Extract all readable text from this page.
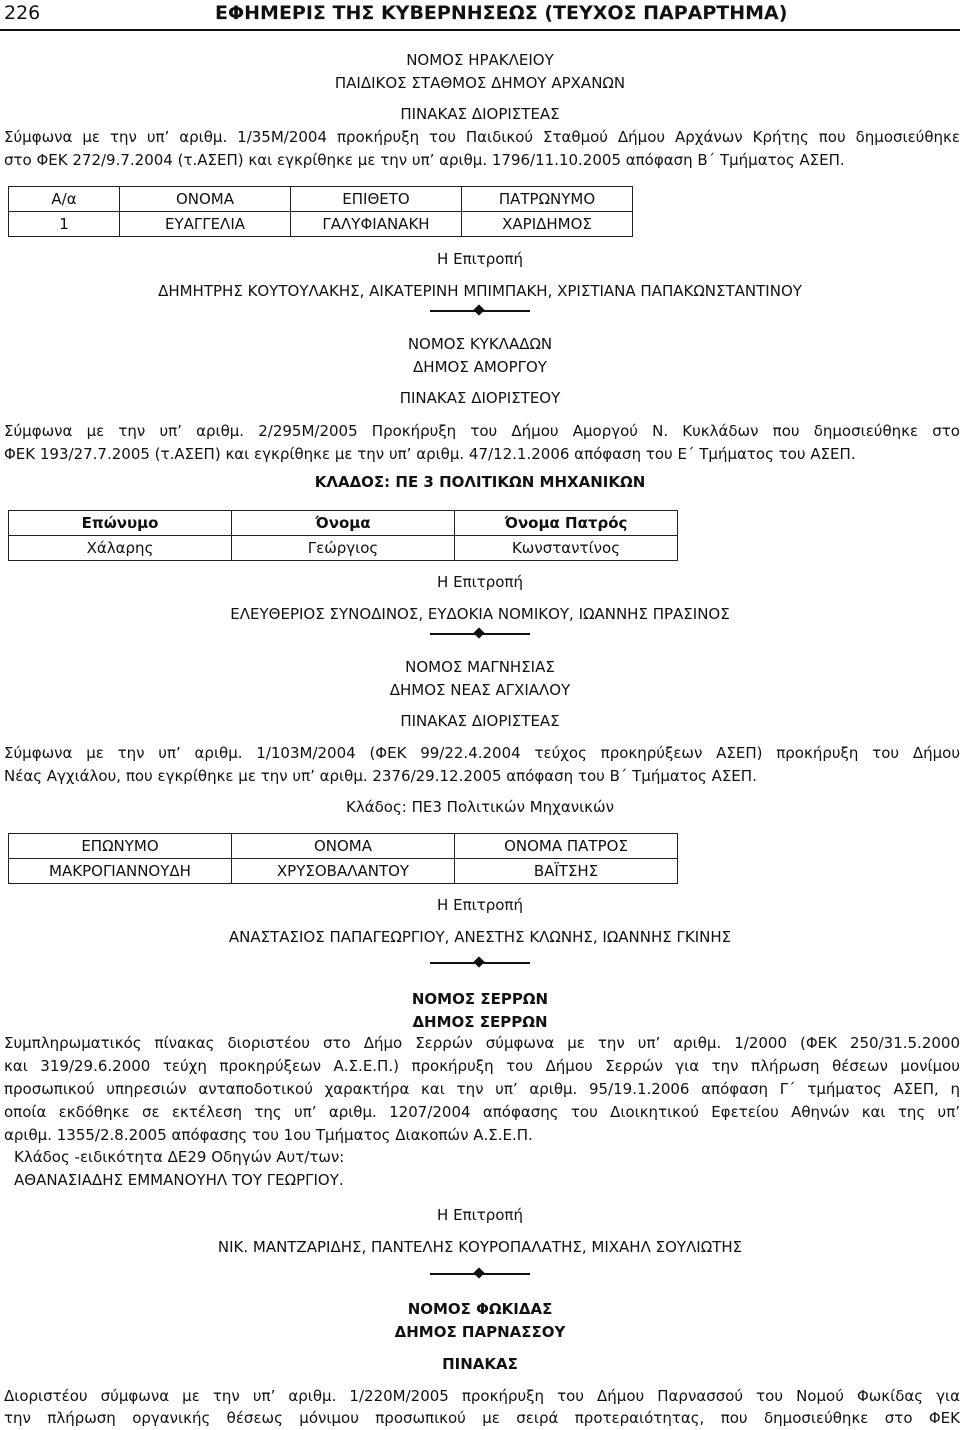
226	ΕΦΗΜΕΡΙΣ ΤΗΣ ΚΥΒΕΡΝΗΣΕΩΣ (ΤΕΥΧΟΣ ΠΑΡΑΡΤΗΜΑ)
ΝΟΜΟΣ ΗΡΑΚΛΕΙΟΥ
ΠΑΙΔΙΚΟΣ ΣΤΑΘΜΟΣ ΔΗΜΟΥ ΑΡΧΑΝΩΝ
ΠΙΝΑΚΑΣ ΔΙΟΡΙΣΤΕΑΣ
Σύμφωνα με την υπ’ αριθμ. 1/35Μ/2004 προκήρυξη του Παιδικού Σταθμού Δήμου Αρχάνων Κρήτης που δημοσιεύθηκε
στο ΦΕΚ 272/9.7.2004 (τ.ΑΣΕΠ) και εγκρίθηκε με την υπ’ αριθμ. 1796/11.10.2005 απόφαση Β΄ Τμήματος ΑΣΕΠ.
Α/α	ΟΝΟΜΑ	ΕΠΙΘΕΤΟ	ΠΑΤΡΩΝΥΜΟ
1	ΕΥΑΓΓΕΛΙΑ	ΓΑΛΥΦΙΑΝΑΚΗ	ΧΑΡΙΔΗΜΟΣ
Η Επιτροπή
ΔΗΜΗΤΡΗΣ ΚΟΥΤΟΥΛΑΚΗΣ, ΑΙΚΑΤΕΡΙΝΗ ΜΠΙΜΠΑΚΗ, ΧΡΙΣΤΙΑΝΑ ΠΑΠΑΚΩΝΣΤΑΝΤΙΝΟΥ
ΝΟΜΟΣ ΚΥΚΛΑΔΩΝ
ΔΗΜΟΣ ΑΜΟΡΓΟΥ
ΠΙΝΑΚΑΣ ΔΙΟΡΙΣΤΕΟΥ
Σύμφωνα με την υπ’ αριθμ. 2/295Μ/2005 Προκήρυξη του Δήμου Αμοργού Ν. Κυκλάδων που δημοσιεύθηκε στο
ΦΕΚ 193/27.7.2005 (τ.ΑΣΕΠ) και εγκρίθηκε με την υπ’ αριθμ. 47/12.1.2006 απόφαση του Ε΄ Τμήματος του ΑΣΕΠ.
ΚΛΑΔΟΣ: ΠΕ 3 ΠΟΛΙΤΙΚΩΝ ΜΗΧΑΝΙΚΩΝ
Επώνυμο	Όνομα	Όνομα Πατρός
Χάλαρης	Γεώργιος	Κωνσταντίνος
Η Επιτροπή
ΕΛΕΥΘΕΡΙΟΣ ΣΥΝΟΔΙΝΟΣ, ΕΥΔΟΚΙΑ ΝΟΜΙΚΟΥ, ΙΩΑΝΝΗΣ ΠΡΑΣΙΝΟΣ
ΝΟΜΟΣ ΜΑΓΝΗΣΙΑΣ
ΔΗΜΟΣ ΝΕΑΣ ΑΓΧΙΑΛΟΥ
ΠΙΝΑΚΑΣ ΔΙΟΡΙΣΤΕΑΣ
Σύμφωνα με την υπ’ αριθμ. 1/103Μ/2004 (ΦΕΚ 99/22.4.2004 τεύχος προκηρύξεων ΑΣΕΠ) προκήρυξη του Δήμου
Νέας Αγχιάλου, που εγκρίθηκε με την υπ’ αριθμ. 2376/29.12.2005 απόφαση του Β΄ Τμήματος ΑΣΕΠ.
Κλάδος: ΠΕ3 Πολιτικών Μηχανικών
ΕΠΩΝΥΜΟ	ΟΝΟΜΑ	ΟΝΟΜΑ ΠΑΤΡΟΣ
ΜΑΚΡΟΓΙΑΝΝΟΥΔΗ	ΧΡΥΣΟΒΑΛΑΝΤΟΥ	ΒΑΪΤΣΗΣ
Η Επιτροπή
ΑΝΑΣΤΑΣΙΟΣ ΠΑΠΑΓΕΩΡΓΙΟΥ, ΑΝΕΣΤΗΣ ΚΛΩΝΗΣ, ΙΩΑΝΝΗΣ ΓΚΙΝΗΣ
ΝΟΜΟΣ ΣΕΡΡΩΝ
ΔΗΜΟΣ ΣΕΡΡΩΝ
Συμπληρωματικός πίνακας διοριστέου στο Δήμο Σερρών σύμφωνα με την υπ’ αριθμ. 1/2000 (ΦΕΚ 250/31.5.2000
και 319/29.6.2000 τεύχη προκηρύξεων Α.Σ.Ε.Π.) προκήρυξη του Δήμου Σερρών για την πλήρωση θέσεων μονίμου
προσωπικού υπηρεσιών ανταποδοτικού χαρακτήρα και την υπ’ αριθμ. 95/19.1.2006 απόφαση Γ΄ τμήματος ΑΣΕΠ, η
οποία εκδόθηκε σε εκτέλεση της υπ’ αριθμ. 1207/2004 απόφασης του Διοικητικού Εφετείου Αθηνών και της υπ’
αριθμ. 1355/2.8.2005 απόφασης του 1ου Τμήματος Διακοπών Α.Σ.Ε.Π.
Κλάδος -ειδικότητα ΔΕ29 Οδηγών Αυτ/των:
ΑΘΑΝΑΣΙΑΔΗΣ ΕΜΜΑΝΟΥΗΛ ΤΟΥ ΓΕΩΡΓΙΟΥ.
Η Επιτροπή
ΝΙΚ. ΜΑΝΤΖΑΡΙΔΗΣ, ΠΑΝΤΕΛΗΣ ΚΟΥΡΟΠΑΛΑΤΗΣ, ΜΙΧΑΗΛ ΣΟΥΛΙΩΤΗΣ
ΝΟΜΟΣ ΦΩΚΙΔΑΣ
ΔΗΜΟΣ ΠΑΡΝΑΣΣΟΥ
ΠΙΝΑΚΑΣ
Διοριστέου σύμφωνα με την υπ’ αριθμ. 1/220Μ/2005 προκήρυξη του Δήμου Παρνασσού του Νομού Φωκίδας για
την πλήρωση οργανικής θέσεως μόνιμου προσωπικού με σειρά προτεραιότητας, που δημοσιεύθηκε στο ΦΕΚ
